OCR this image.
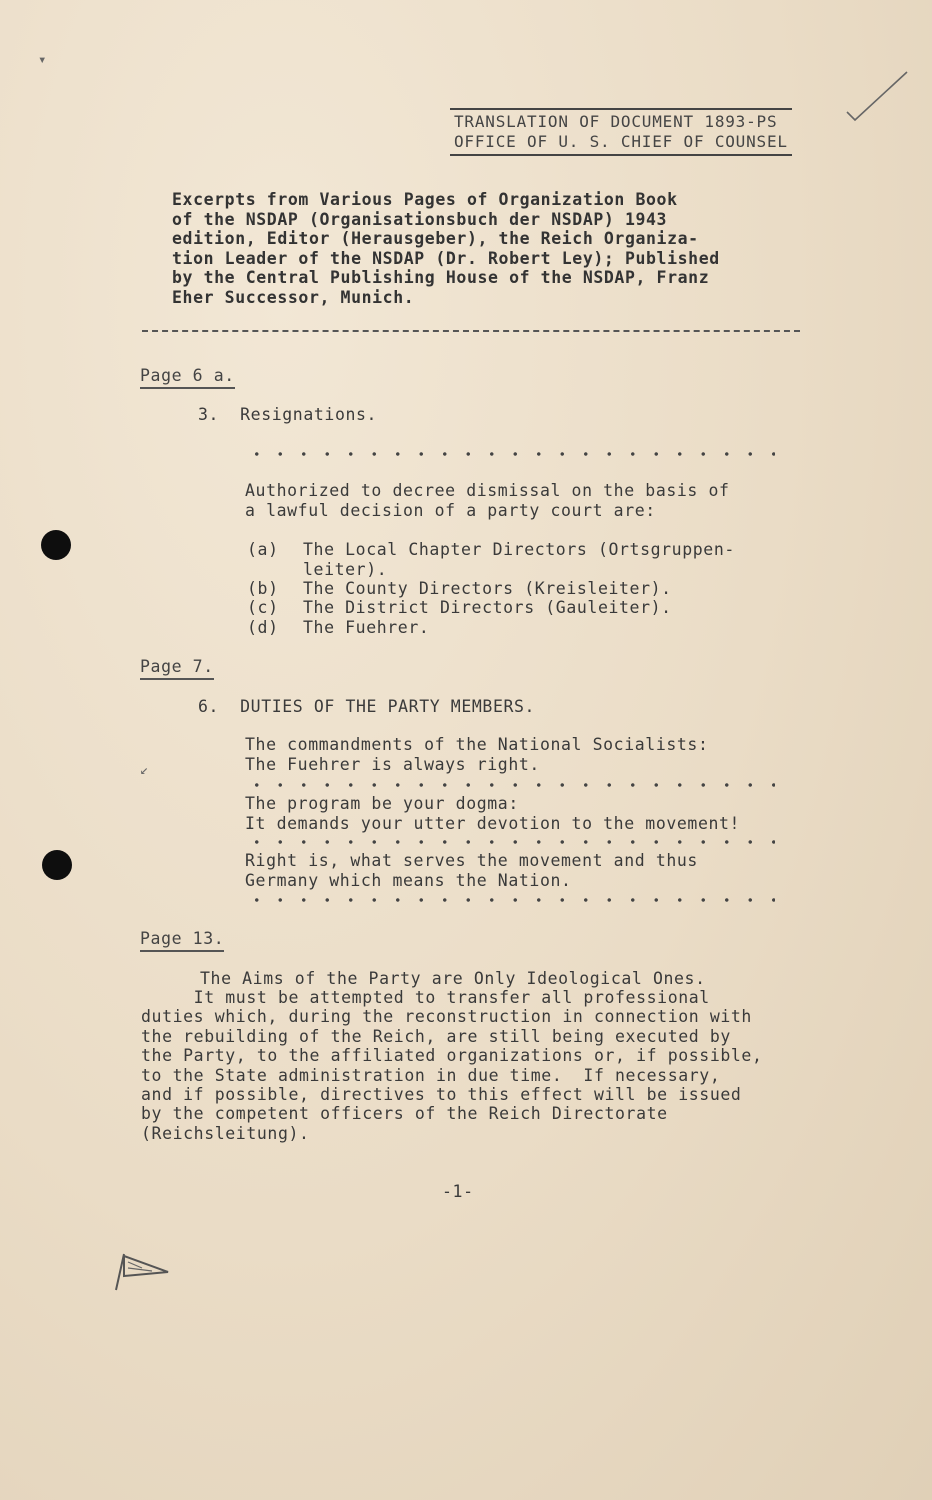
TRANSLATION OF DOCUMENT 1893-PS
OFFICE OF U. S. CHIEF OF COUNSEL
Excerpts from Various Pages of Organization Book
of the NSDAP (Organisationsbuch der NSDAP) 1943
edition, Editor (Herausgeber), the Reich Organiza-
tion Leader of the NSDAP (Dr. Robert Ley); Published
by the Central Publishing House of the NSDAP, Franz
Eher Successor, Munich.
Page 6 a.
3.  Resignations.
Authorized to decree dismissal on the basis of
a lawful decision of a party court are:
(a) The Local Chapter Directors (Ortsgruppen-
leiter).
(b) The County Directors (Kreisleiter).
(c) The District Directors (Gauleiter).
(d) The Fuehrer.
Page 7.
6.  DUTIES OF THE PARTY MEMBERS.
The commandments of the National Socialists:
The Fuehrer is always right.
The program be your dogma:
It demands your utter devotion to the movement!
Right is, what serves the movement and thus
Germany which means the Nation.
Page 13.
The Aims of the Party are Only Ideological Ones.
It must be attempted to transfer all professional
duties which, during the reconstruction in connection with
the rebuilding of the Reich, are still being executed by
the Party, to the affiliated organizations or, if possible,
to the State administration in due time.  If necessary,
and if possible, directives to this effect will be issued
by the competent officers of the Reich Directorate
(Reichsleitung).
-1-
▾
↙
